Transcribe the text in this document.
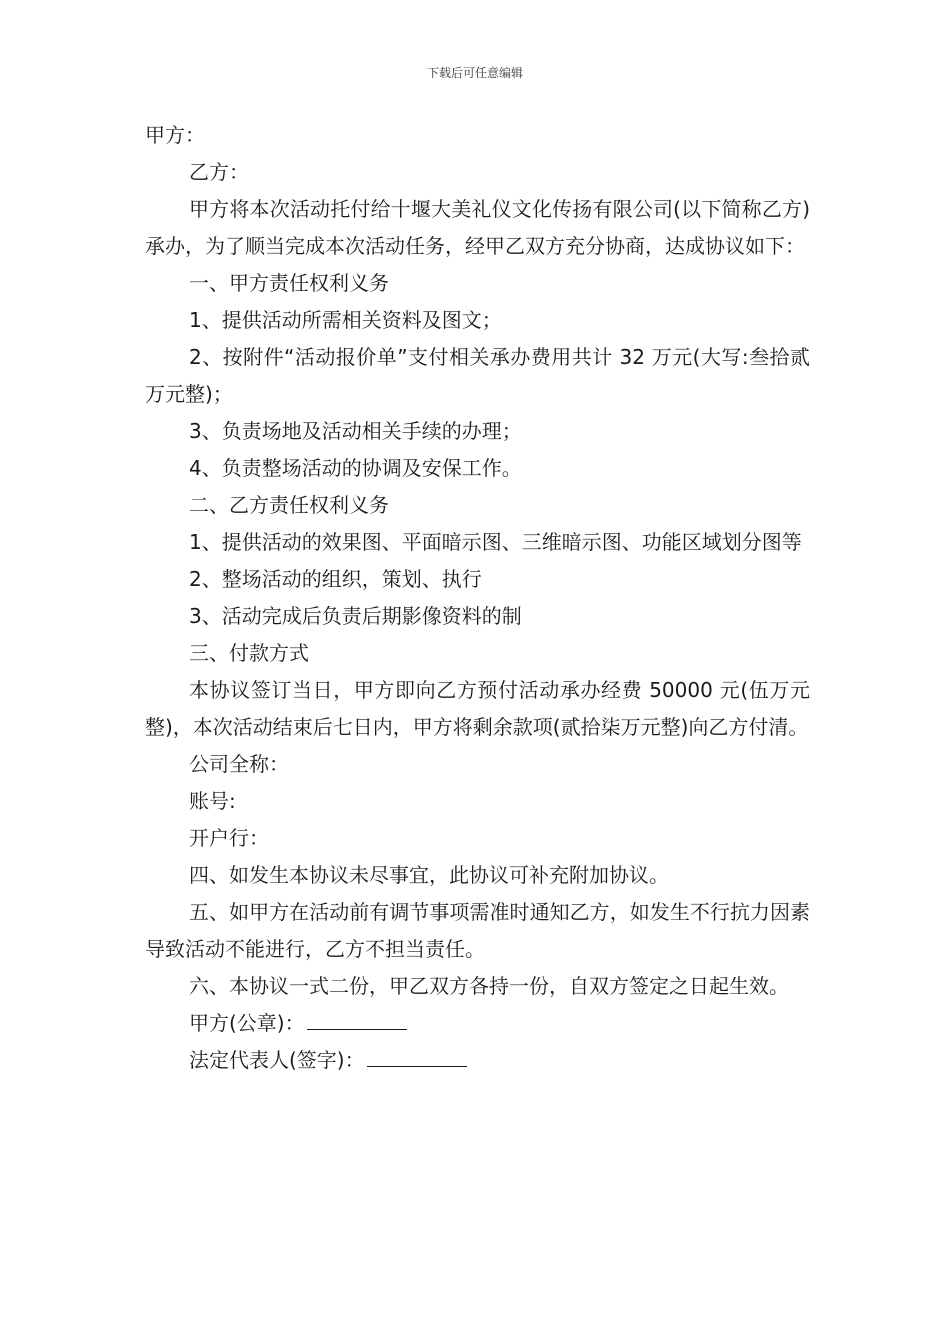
下载后可任意编辑

甲方：

乙方：

甲方将本次活动托付给十堰大美礼仪文化传扬有限公司(以下简称乙方)承办，为了顺当完成本次活动任务，经甲乙双方充分协商，达成协议如下：

一、甲方责任权利义务

1、提供活动所需相关资料及图文；

2、按附件“活动报价单”支付相关承办费用共计 32 万元(大写:叁拾贰万元整)；

3、负责场地及活动相关手续的办理；

4、负责整场活动的协调及安保工作。

二、乙方责任权利义务

1、提供活动的效果图、平面暗示图、三维暗示图、功能区域划分图等

2、整场活动的组织，策划、执行

3、活动完成后负责后期影像资料的制

三、付款方式

本协议签订当日，甲方即向乙方预付活动承办经费 50000 元(伍万元整)，本次活动结束后七日内，甲方将剩余款项(贰拾柒万元整)向乙方付清。

公司全称：

账号:

开户行：

四、如发生本协议未尽事宜，此协议可补充附加协议。

五、如甲方在活动前有调节事项需准时通知乙方，如发生不行抗力因素导致活动不能进行，乙方不担当责任。

六、本协议一式二份，甲乙双方各持一份，自双方签定之日起生效。

甲方(公章)：

法定代表人(签字)：
